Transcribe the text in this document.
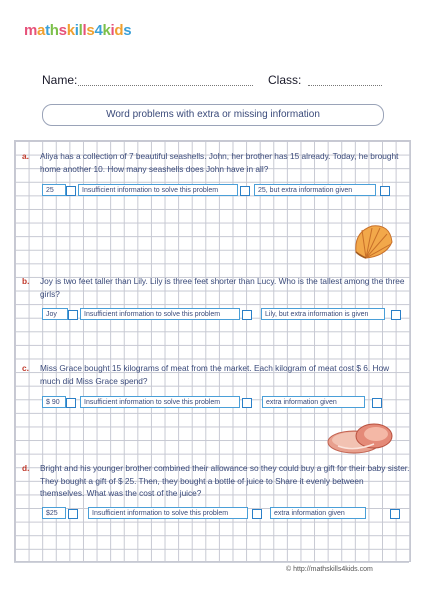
mathskills4kids
Name:	Class:
Word problems with extra or missing information
a. Aliya has a collection of 7 beautiful seashells. John, her brother has 15 already. Today, he brought home another 10. How many seashells does John have in all?
25	Insufficient information to solve this problem	25, but extra information given
b. Joy is two feet taller than Lily. Lily is three feet shorter than Lucy. Who is the tallest among the three girls?
Joy	Insufficient information to solve this problem	Lily, but extra information is given
c. Miss Grace bought 15 kilograms of meat from the market. Each kilogram of meat cost $ 6. How much did Miss Grace spend?
$ 90	Insufficient information to solve this problem	extra information given
d. Bright and his younger brother combined their allowance so they could buy a gift for their baby sister. They bought a gift of $ 25. Then, they bought a bottle of juice to Share it evenly between themselves. What was the cost of the juice?
$25	Insufficient information to solve this problem	extra information given
© http://mathskills4kids.com
